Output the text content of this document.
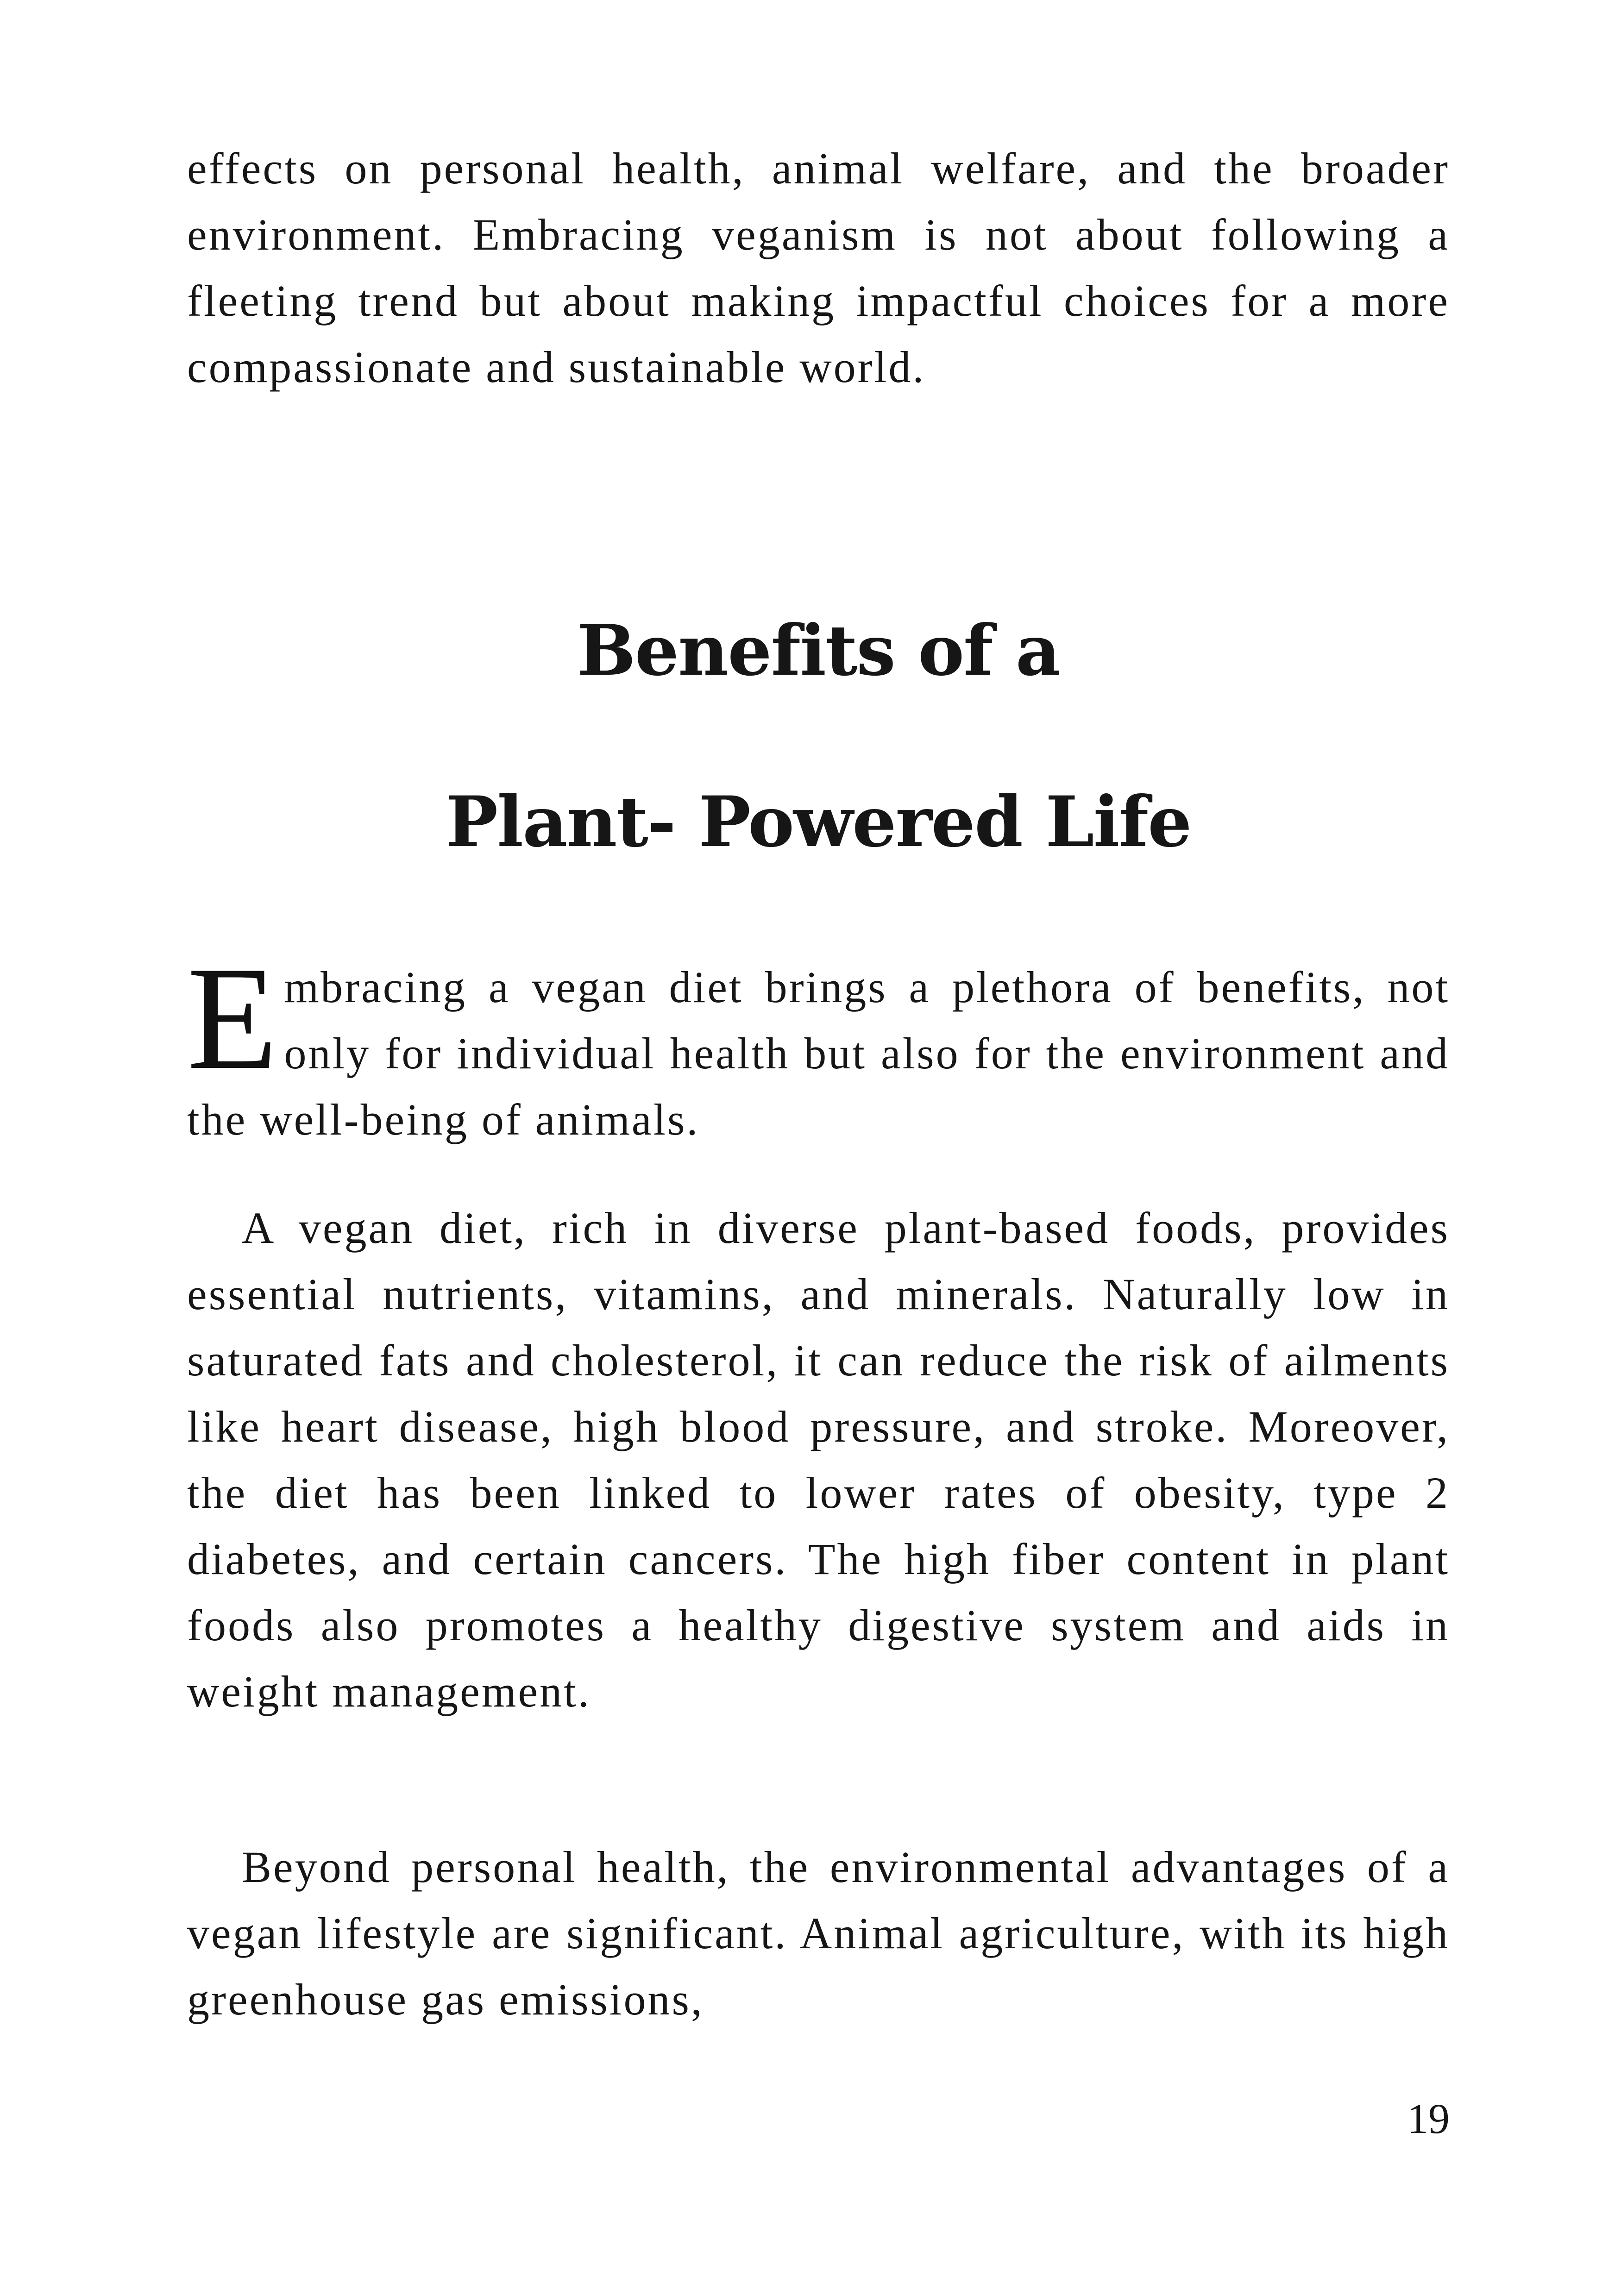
effects on personal health, animal welfare, and the broader environment. Embracing veganism is not about following a fleeting trend but about making impactful choices for a more compassionate and sustainable world.

Benefits of a
Plant- Powered Life

Embracing a vegan diet brings a plethora of benefits, not only for individual health but also for the environment and the well-being of animals.

A vegan diet, rich in diverse plant-based foods, provides essential nutrients, vitamins, and minerals. Naturally low in saturated fats and cholesterol, it can reduce the risk of ailments like heart disease, high blood pressure, and stroke. Moreover, the diet has been linked to lower rates of obesity, type 2 diabetes, and certain cancers. The high fiber content in plant foods also promotes a healthy digestive system and aids in weight management.

Beyond personal health, the environmental advantages of a vegan lifestyle are significant. Animal agriculture, with its high greenhouse gas emissions,

19
